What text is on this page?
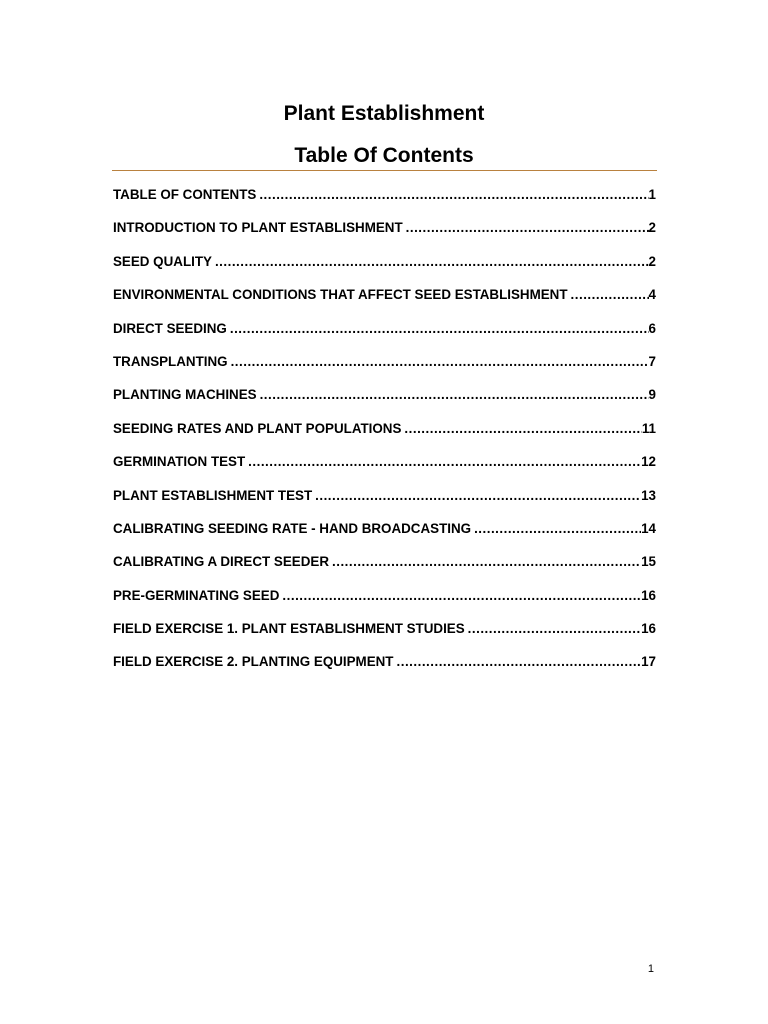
Plant Establishment
Table Of Contents
TABLE OF CONTENTS .....	1
INTRODUCTION TO PLANT ESTABLISHMENT .....	2
SEED QUALITY .....	2
ENVIRONMENTAL CONDITIONS THAT AFFECT SEED ESTABLISHMENT .....	4
DIRECT SEEDING .....	6
TRANSPLANTING .....	7
PLANTING MACHINES .....	9
SEEDING RATES AND PLANT POPULATIONS .....	11
GERMINATION TEST .....	12
PLANT ESTABLISHMENT TEST .....	13
CALIBRATING SEEDING RATE - HAND BROADCASTING .....	14
CALIBRATING A DIRECT SEEDER .....	15
PRE-GERMINATING SEED .....	16
FIELD EXERCISE 1. PLANT ESTABLISHMENT STUDIES .....	16
FIELD EXERCISE 2. PLANTING EQUIPMENT .....	17
1
